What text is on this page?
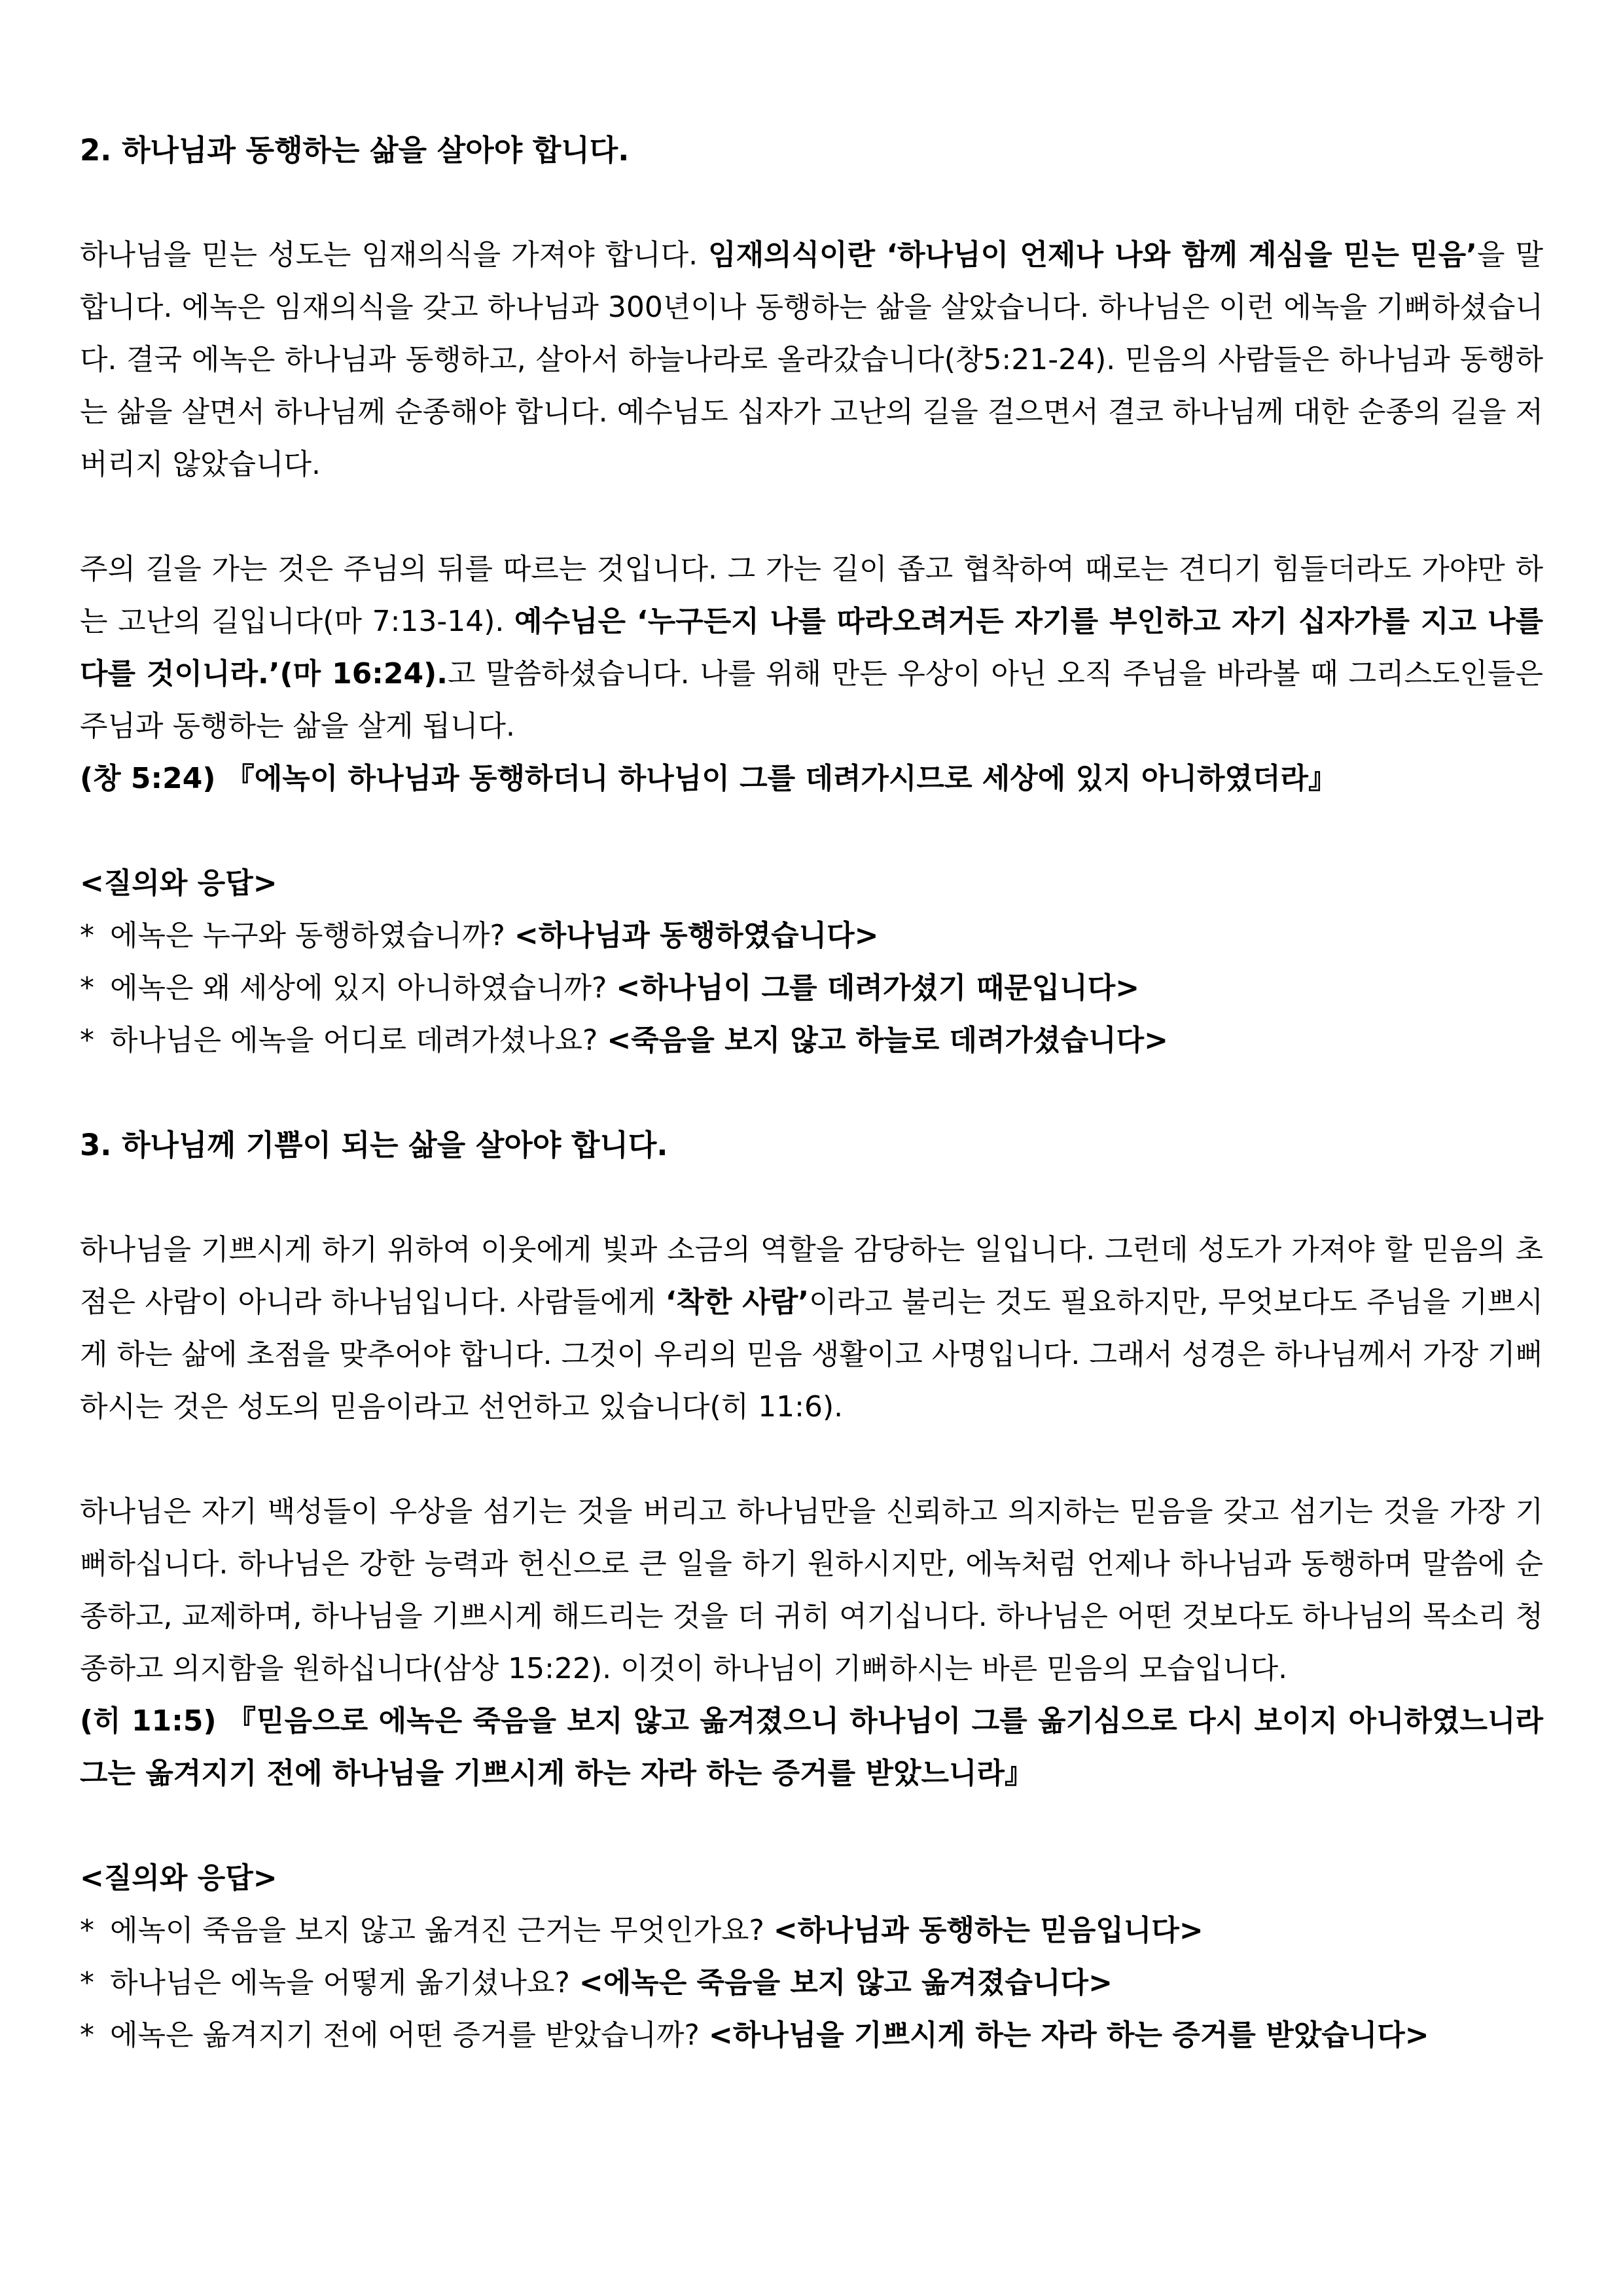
2. 하나님과 동행하는 삶을 살아야 합니다.

하나님을 믿는 성도는 임재의식을 가져야 합니다. 임재의식이란 ‘하나님이 언제나 나와 함께 계심을 믿는 믿음’을 말합니다. 에녹은 임재의식을 갖고 하나님과 300년이나 동행하는 삶을 살았습니다. 하나님은 이런 에녹을 기뻐하셨습니다. 결국 에녹은 하나님과 동행하고, 살아서 하늘나라로 올라갔습니다(창5:21-24). 믿음의 사람들은 하나님과 동행하는 삶을 살면서 하나님께 순종해야 합니다. 예수님도 십자가 고난의 길을 걸으면서 결코 하나님께 대한 순종의 길을 저버리지 않았습니다.

주의 길을 가는 것은 주님의 뒤를 따르는 것입니다. 그 가는 길이 좁고 협착하여 때로는 견디기 힘들더라도 가야만 하는 고난의 길입니다(마 7:13-14). 예수님은 ‘누구든지 나를 따라오려거든 자기를 부인하고 자기 십자가를 지고 나를 다를 것이니라.’(마 16:24).고 말씀하셨습니다. 나를 위해 만든 우상이 아닌 오직 주님을 바라볼 때 그리스도인들은 주님과 동행하는 삶을 살게 됩니다.

(창 5:24) 『에녹이 하나님과 동행하더니 하나님이 그를 데려가시므로 세상에 있지 아니하였더라』

<질의와 응답>

* 에녹은 누구와 동행하였습니까? <하나님과 동행하였습니다>
* 에녹은 왜 세상에 있지 아니하였습니까? <하나님이 그를 데려가셨기 때문입니다>
* 하나님은 에녹을 어디로 데려가셨나요? <죽음을 보지 않고 하늘로 데려가셨습니다>
3. 하나님께 기쁨이 되는 삶을 살아야 합니다.

하나님을 기쁘시게 하기 위하여 이웃에게 빛과 소금의 역할을 감당하는 일입니다. 그런데 성도가 가져야 할 믿음의 초점은 사람이 아니라 하나님입니다. 사람들에게 ‘착한 사람’이라고 불리는 것도 필요하지만, 무엇보다도 주님을 기쁘시게 하는 삶에 초점을 맞추어야 합니다. 그것이 우리의 믿음 생활이고 사명입니다. 그래서 성경은 하나님께서 가장 기뻐하시는 것은 성도의 믿음이라고 선언하고 있습니다(히 11:6).

하나님은 자기 백성들이 우상을 섬기는 것을 버리고 하나님만을 신뢰하고 의지하는 믿음을 갖고 섬기는 것을 가장 기뻐하십니다. 하나님은 강한 능력과 헌신으로 큰 일을 하기 원하시지만, 에녹처럼 언제나 하나님과 동행하며 말씀에 순종하고, 교제하며, 하나님을 기쁘시게 해드리는 것을 더 귀히 여기십니다. 하나님은 어떤 것보다도 하나님의 목소리 청종하고 의지함을 원하십니다(삼상 15:22). 이것이 하나님이 기뻐하시는 바른 믿음의 모습입니다.

(히 11:5) 『믿음으로 에녹은 죽음을 보지 않고 옮겨졌으니 하나님이 그를 옮기심으로 다시 보이지 아니하였느니라 그는 옮겨지기 전에 하나님을 기쁘시게 하는 자라 하는 증거를 받았느니라』

<질의와 응답>

* 에녹이 죽음을 보지 않고 옮겨진 근거는 무엇인가요? <하나님과 동행하는 믿음입니다>
* 하나님은 에녹을 어떻게 옮기셨나요? <에녹은 죽음을 보지 않고 옮겨졌습니다>
* 에녹은 옮겨지기 전에 어떤 증거를 받았습니까? <하나님을 기쁘시게 하는 자라 하는 증거를 받았습니다>
